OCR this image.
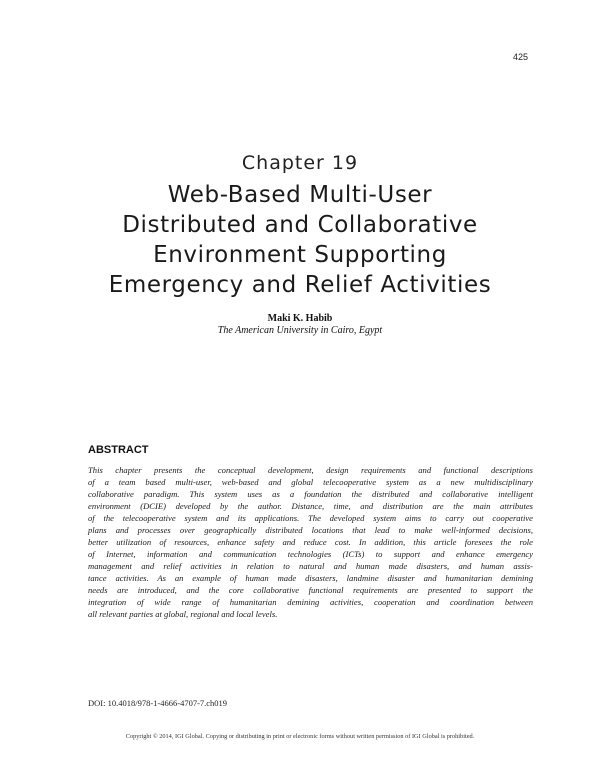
425
Chapter 19
Web-Based Multi-User
Distributed and Collaborative
Environment Supporting
Emergency and Relief Activities
Maki K. Habib
The American University in Cairo, Egypt
ABSTRACT
This chapter presents the conceptual development, design requirements and functional descriptions
of a team based multi-user, web-based and global telecooperative system as a new multidisciplinary
collaborative paradigm. This system uses as a foundation the distributed and collaborative intelligent
environment (DCIE) developed by the author. Distance, time, and distribution are the main attributes
of the telecooperative system and its applications. The developed system aims to carry out cooperative
plans and processes over geographically distributed locations that lead to make well-informed decisions,
better utilization of resources, enhance safety and reduce cost. In addition, this article foresees the role
of Internet, information and communication technologies (ICTs) to support and enhance emergency
management and relief activities in relation to natural and human made disasters, and human assis-
tance activities. As an example of human made disasters, landmine disaster and humanitarian demining
needs are introduced, and the core collaborative functional requirements are presented to support the
integration of wide range of humanitarian demining activities, cooperation and coordination between
all relevant parties at global, regional and local levels.
DOI: 10.4018/978-1-4666-4707-7.ch019
Copyright © 2014, IGI Global. Copying or distributing in print or electronic forms without written permission of IGI Global is prohibited.
